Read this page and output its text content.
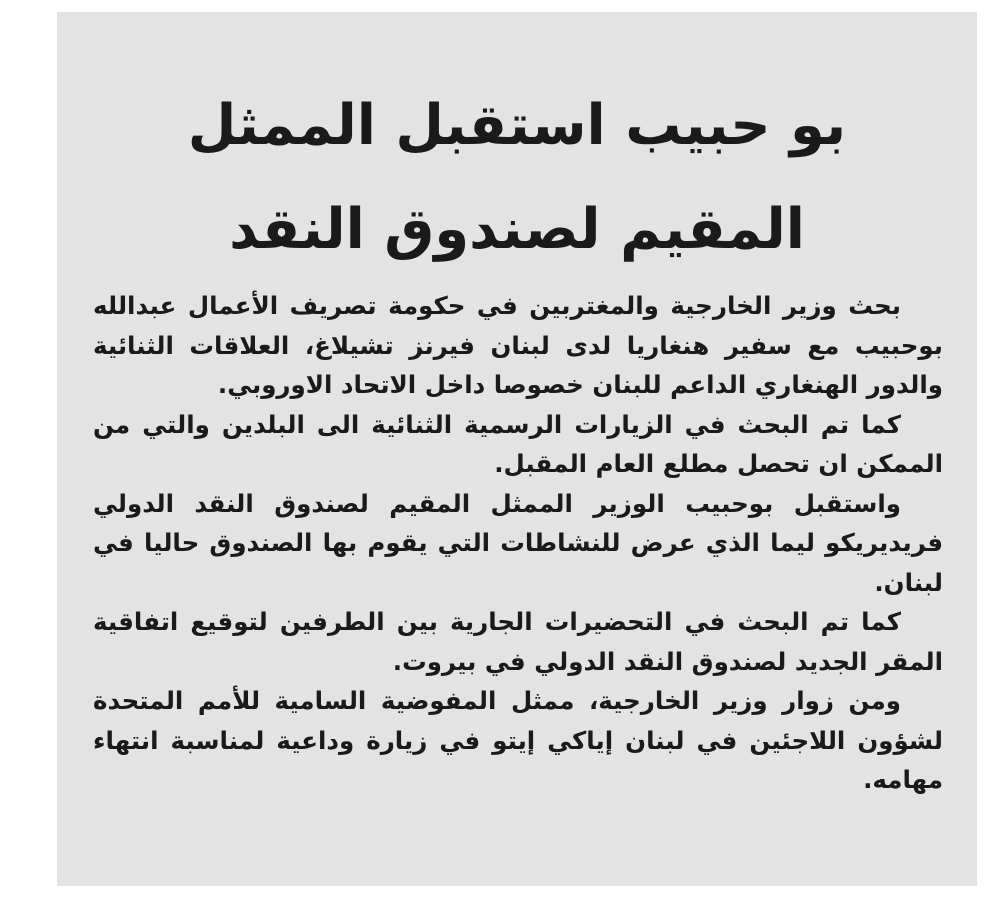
بو حبيب استقبل الممثل
المقيم لصندوق النقد

بحث وزير الخارجية والمغتربين في حكومة تصريف الأعمال عبدالله بوحبيب مع سفير هنغاريا لدى لبنان فيرنز تشيلاغ، العلاقات الثنائية والدور الهنغاري الداعم للبنان خصوصا داخل الاتحاد الاوروبي.

كما تم البحث في الزيارات الرسمية الثنائية الى البلدين والتي من الممكن ان تحصل مطلع العام المقبل.

واستقبل بوحبيب الوزير الممثل المقيم لصندوق النقد الدولي فريديريكو ليما الذي عرض للنشاطات التي يقوم بها الصندوق حاليا في لبنان.

كما تم البحث في التحضيرات الجارية بين الطرفين لتوقيع اتفاقية المقر الجديد لصندوق النقد الدولي في بيروت.

ومن زوار وزير الخارجية، ممثل المفوضية السامية للأمم المتحدة لشؤون اللاجئين في لبنان إياكي إيتو في زيارة وداعية لمناسبة انتهاء مهامه.
